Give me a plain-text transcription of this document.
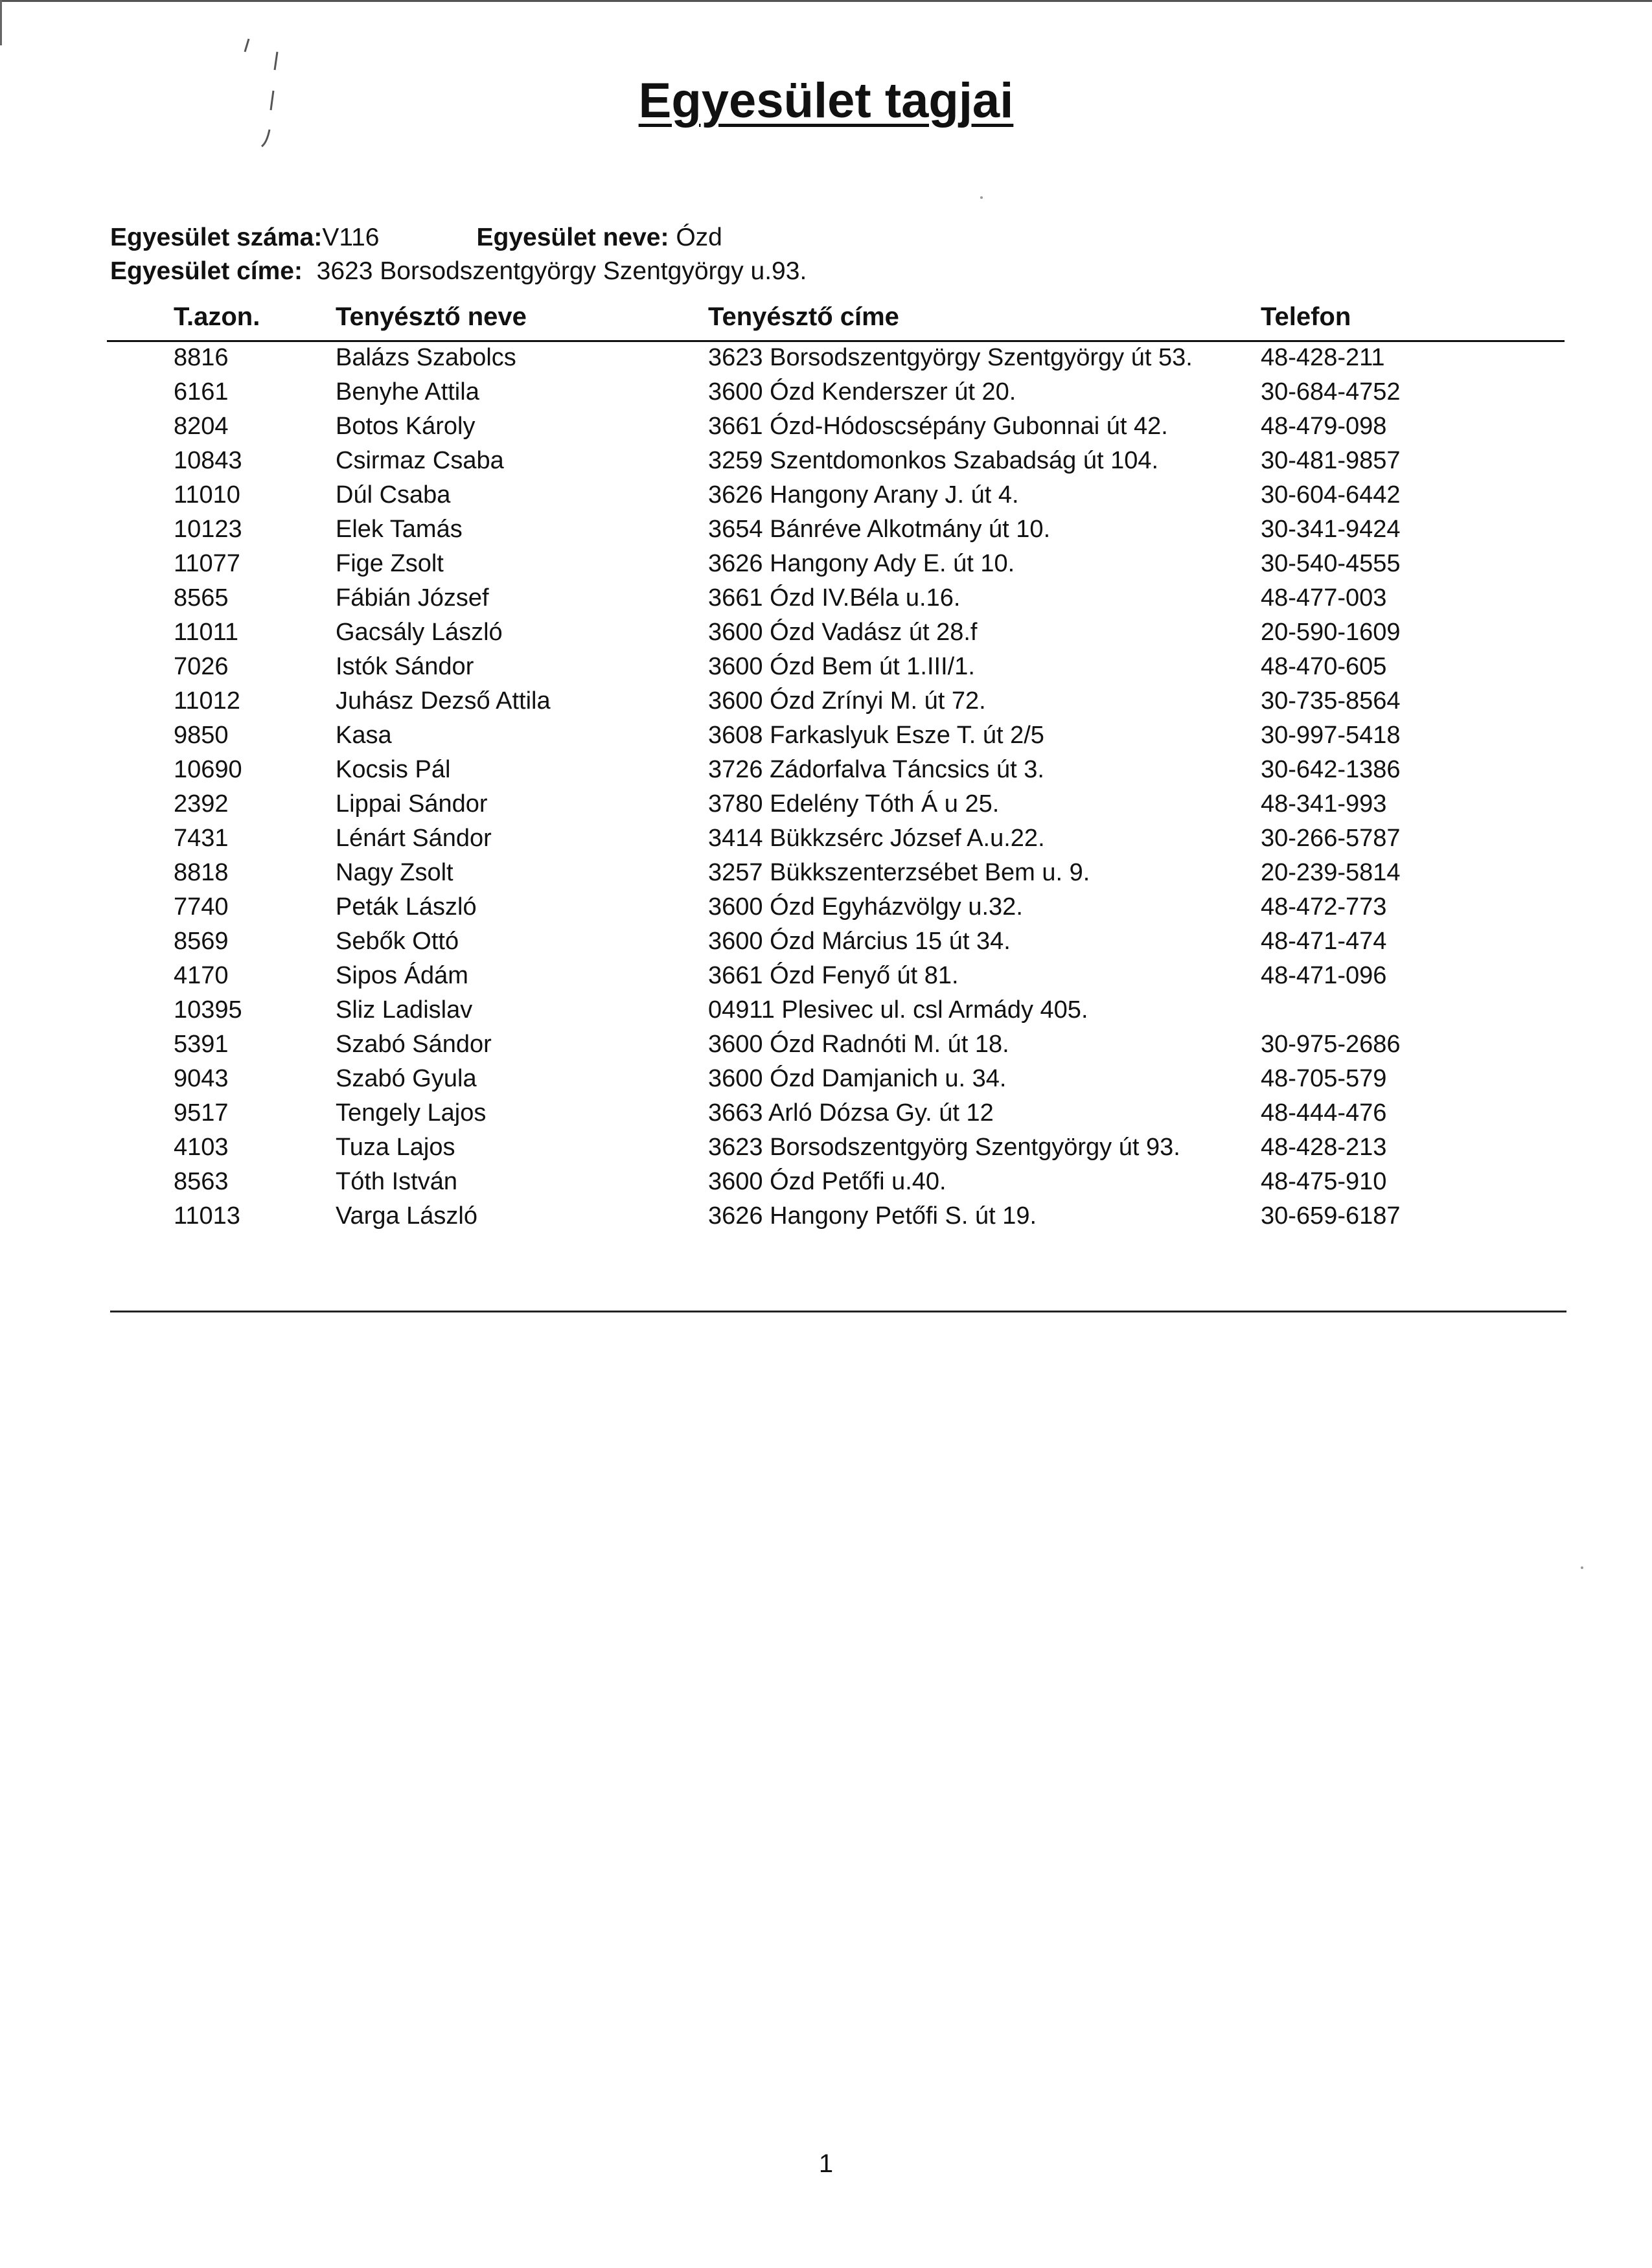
Egyesület tagjai
Egyesület száma:V116	Egyesület neve: Ózd
Egyesület címe: 3623 Borsodszentgyörgy Szentgyörgy u.93.
T.azon.	Tenyésztő neve	Tenyésztő címe	Telefon
8816	Balázs Szabolcs	3623 Borsodszentgyörgy Szentgyörgy út 53.	48-428-211
6161	Benyhe Attila	3600 Ózd Kenderszer út 20.	30-684-4752
8204	Botos Károly	3661 Ózd-Hódoscsépány Gubonnai út 42.	48-479-098
10843	Csirmaz Csaba	3259 Szentdomonkos Szabadság út 104.	30-481-9857
11010	Dúl Csaba	3626 Hangony Arany J. út 4.	30-604-6442
10123	Elek Tamás	3654 Bánréve Alkotmány út 10.	30-341-9424
11077	Fige Zsolt	3626 Hangony Ady E. út 10.	30-540-4555
8565	Fábián József	3661 Ózd IV.Béla u.16.	48-477-003
11011	Gacsály László	3600 Ózd Vadász út 28.f	20-590-1609
7026	Istók Sándor	3600 Ózd Bem út 1.III/1.	48-470-605
11012	Juhász Dezső Attila	3600 Ózd Zrínyi M. út 72.	30-735-8564
9850	Kasa	3608 Farkaslyuk Esze T. út 2/5	30-997-5418
10690	Kocsis Pál	3726 Zádorfalva Táncsics út 3.	30-642-1386
2392	Lippai Sándor	3780 Edelény Tóth Á u 25.	48-341-993
7431	Lénárt Sándor	3414 Bükkzsérc József A.u.22.	30-266-5787
8818	Nagy Zsolt	3257 Bükkszenterzsébet Bem u. 9.	20-239-5814
7740	Peták László	3600 Ózd Egyházvölgy u.32.	48-472-773
8569	Sebők Ottó	3600 Ózd Március 15 út 34.	48-471-474
4170	Sipos Ádám	3661 Ózd Fenyő út 81.	48-471-096
10395	Sliz Ladislav	04911 Plesivec ul. csl Armády 405.
5391	Szabó Sándor	3600 Ózd Radnóti M. út 18.	30-975-2686
9043	Szabó Gyula	3600 Ózd Damjanich u. 34.	48-705-579
9517	Tengely Lajos	3663 Arló Dózsa Gy. út 12	48-444-476
4103	Tuza Lajos	3623 Borsodszentgyörg Szentgyörgy út 93.	48-428-213
8563	Tóth István	3600 Ózd Petőfi u.40.	48-475-910
11013	Varga László	3626 Hangony Petőfi S. út 19.	30-659-6187
1
